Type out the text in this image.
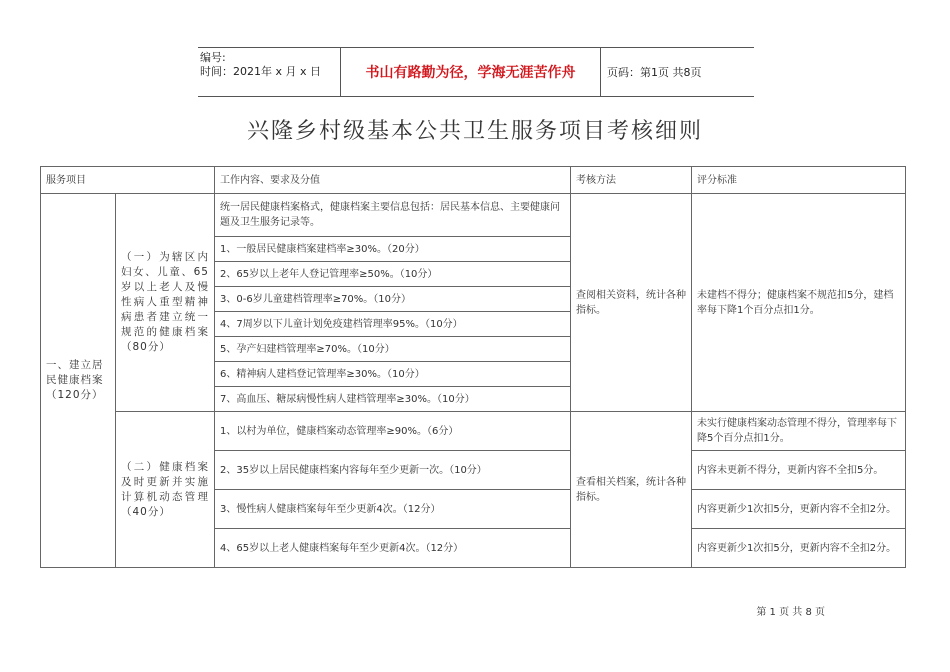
编号:
时间：2021年 x 月 x 日	书山有路勤为径，学海无涯苦作舟	页码：第1页 共8页
兴隆乡村级基本公共卫生服务项目考核细则
服务项目		工作内容、要求及分值	考核方法	评分标准
一、建立居民健康档案（120分）	（一）为辖区内妇女、儿童、65岁以上老人及慢性病人重型精神病患者建立统一规范的健康档案（80分）	统一居民健康档案格式，健康档案主要信息包括：居民基本信息、主要健康问题及卫生服务记录等。	查阅相关资料，统计各种指标。	未建档不得分；健康档案不规范扣5分，建档率每下降1个百分点扣1分。
		1、一般居民健康档案建档率≥30%。（20分）		
		2、65岁以上老年人登记管理率≥50%。（10分）		
		3、0-6岁儿童建档管理率≥70%。（10分）		
		4、7周岁以下儿童计划免疫建档管理率95%。（10分）		
		5、孕产妇建档管理率≥70%。（10分）		
		6、精神病人建档登记管理率≥30%。（10分）		
		7、高血压、糖尿病慢性病人建档管理率≥30%。（10分）		
	（二）健康档案及时更新并实施计算机动态管理（40分）	1、以村为单位，健康档案动态管理率≥90%。（6分）	查看相关档案，统计各种指标。	未实行健康档案动态管理不得分，管理率每下降5个百分点扣1分。
		2、35岁以上居民健康档案内容每年至少更新一次。（10分）		内容未更新不得分，更新内容不全扣5分。
		3、慢性病人健康档案每年至少更新4次。（12分）		内容更新少1次扣5分，更新内容不全扣2分。
		4、65岁以上老人健康档案每年至少更新4次。（12分）		内容更新少1次扣5分，更新内容不全扣2分。
第 1 页 共 8 页
